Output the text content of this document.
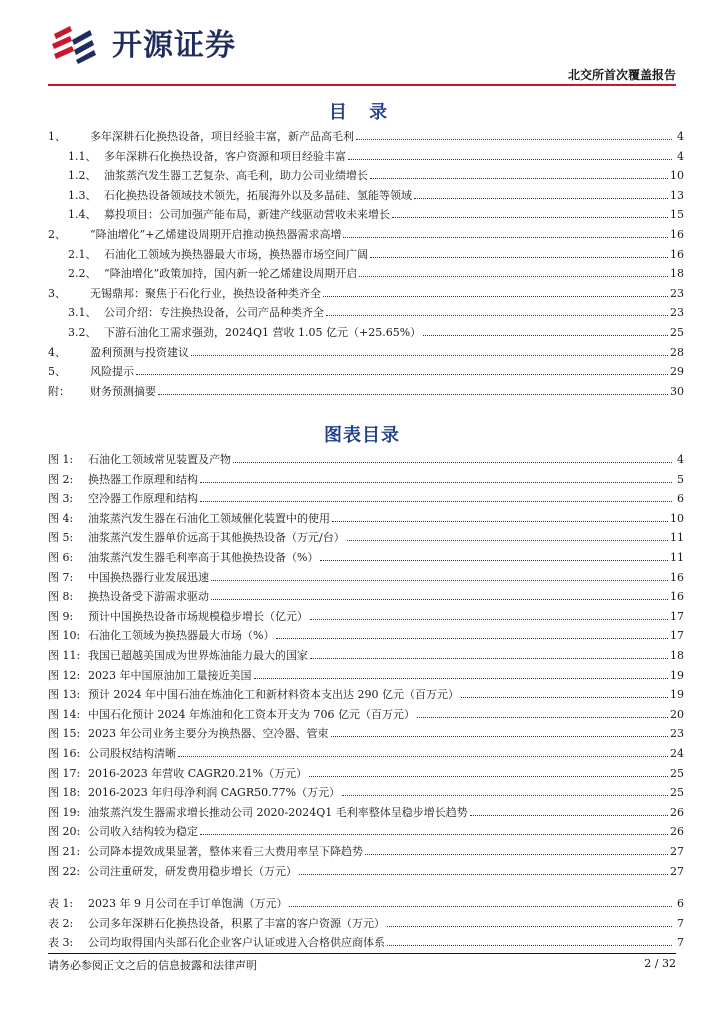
开源证券
北交所首次覆盖报告
目 录
1、	多年深耕石化换热设备，项目经验丰富，新产品高毛利	4
1.1、 多年深耕石化换热设备，客户资源和项目经验丰富	4
1.2、 油浆蒸汽发生器工艺复杂、高毛利，助力公司业绩增长	10
1.3、 石化换热设备领域技术领先，拓展海外以及多晶硅、氢能等领域	13
1.4、 募投项目：公司加强产能布局，新建产线驱动营收未来增长	15
2、	“降油增化”+乙烯建设周期开启推动换热器需求高增	16
2.1、 石油化工领域为换热器最大市场，换热器市场空间广阔	16
2.2、 “降油增化”政策加持，国内新一轮乙烯建设周期开启	18
3、	无锡鼎邦：聚焦于石化行业，换热设备种类齐全	23
3.1、 公司介绍：专注换热设备，公司产品种类齐全	23
3.2、 下游石油化工需求强劲，2024Q1 营收 1.05 亿元（+25.65%）	25
4、	盈利预测与投资建议	28
5、	风险提示	29
附：	财务预测摘要	30
图表目录
图 1:	石油化工领域常见装置及产物	4
图 2:	换热器工作原理和结构	5
图 3:	空冷器工作原理和结构	6
图 4:	油浆蒸汽发生器在石油化工领域催化装置中的使用	10
图 5:	油浆蒸汽发生器单价远高于其他换热设备（万元/台）	11
图 6:	油浆蒸汽发生器毛利率高于其他换热设备（%）	11
图 7:	中国换热器行业发展迅速	16
图 8:	换热设备受下游需求驱动	16
图 9:	预计中国换热设备市场规模稳步增长（亿元）	17
图 10: 石油化工领域为换热器最大市场（%）	17
图 11: 我国已超越美国成为世界炼油能力最大的国家	18
图 12: 2023 年中国原油加工量接近美国	19
图 13: 预计 2024 年中国石油在炼油化工和新材料资本支出达 290 亿元（百万元）	19
图 14: 中国石化预计 2024 年炼油和化工资本开支为 706 亿元（百万元）	20
图 15: 2023 年公司业务主要分为换热器、空冷器、管束	23
图 16: 公司股权结构清晰	24
图 17: 2016-2023 年营收 CAGR20.21%（万元）	25
图 18: 2016-2023 年归母净利润 CAGR50.77%（万元）	25
图 19: 油浆蒸汽发生器需求增长推动公司 2020-2024Q1 毛利率整体呈稳步增长趋势	26
图 20: 公司收入结构较为稳定	26
图 21: 公司降本提效成果显著，整体来看三大费用率呈下降趋势	27
图 22: 公司注重研发，研发费用稳步增长（万元）	27
表 1:	2023 年 9 月公司在手订单饱满（万元）	6
表 2:	公司多年深耕石化换热设备，积累了丰富的客户资源（万元）	7
表 3:	公司均取得国内头部石化企业客户认证或进入合格供应商体系	7
请务必参阅正文之后的信息披露和法律声明	2 / 32
